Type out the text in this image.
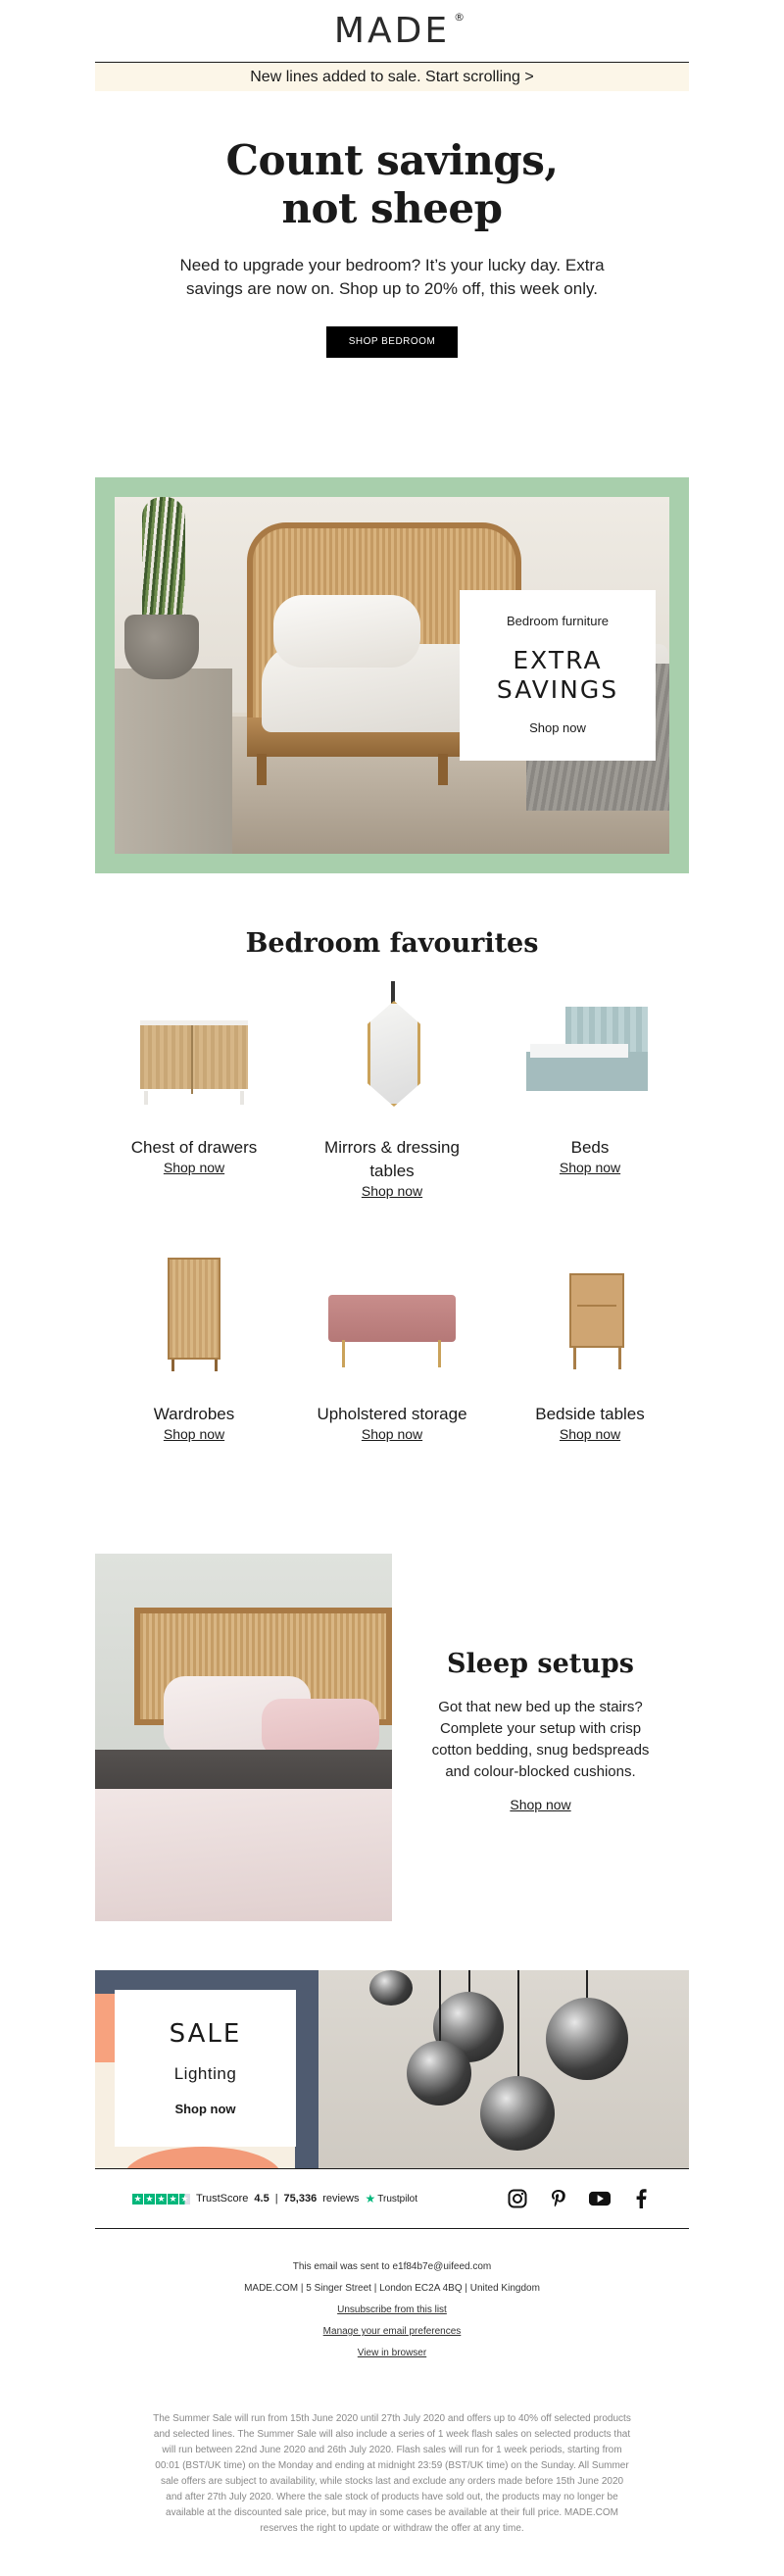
MADE ®
New lines added to sale. Start scrolling >
Count savings,
not sheep

Need to upgrade your bedroom? It’s your lucky day. Extra savings are now on. Shop up to 20% off, this week only.

SHOP BEDROOM
Bedroom furniture
EXTRA
SAVINGS
Shop now
Bedroom favourites
Chest of drawers
Shop now
Mirrors & dressing tables
Shop now
Beds
Shop now
Wardrobes
Shop now
Upholstered storage
Shop now
Bedside tables
Shop now
Sleep setups

Got that new bed up the stairs? Complete your setup with crisp cotton bedding, snug bedspreads and colour-blocked cushions.

Shop now
SALE
Lighting
Shop now
★ ★ ★ ★ ★ TrustScore 4.5 | 75,336 reviews ★ Trustpilot
This email was sent to e1f84b7e@uifeed.com
MADE.COM | 5 Singer Street | London EC2A 4BQ | United Kingdom
Unsubscribe from this list
Manage your email preferences
View in browser

The Summer Sale will run from 15th June 2020 until 27th July 2020 and offers up to 40% off selected products and selected lines. The Summer Sale will also include a series of 1 week flash sales on selected products that will run between 22nd June 2020 and 26th July 2020. Flash sales will run for 1 week periods, starting from 00:01 (BST/UK time) on the Monday and ending at midnight 23:59 (BST/UK time) on the Sunday. All Summer sale offers are subject to availability, while stocks last and exclude any orders made before 15th June 2020 and after 27th July 2020. Where the sale stock of products have sold out, the products may no longer be available at the discounted sale price, but may in some cases be available at their full price. MADE.COM reserves the right to update or withdraw the offer at any time.
